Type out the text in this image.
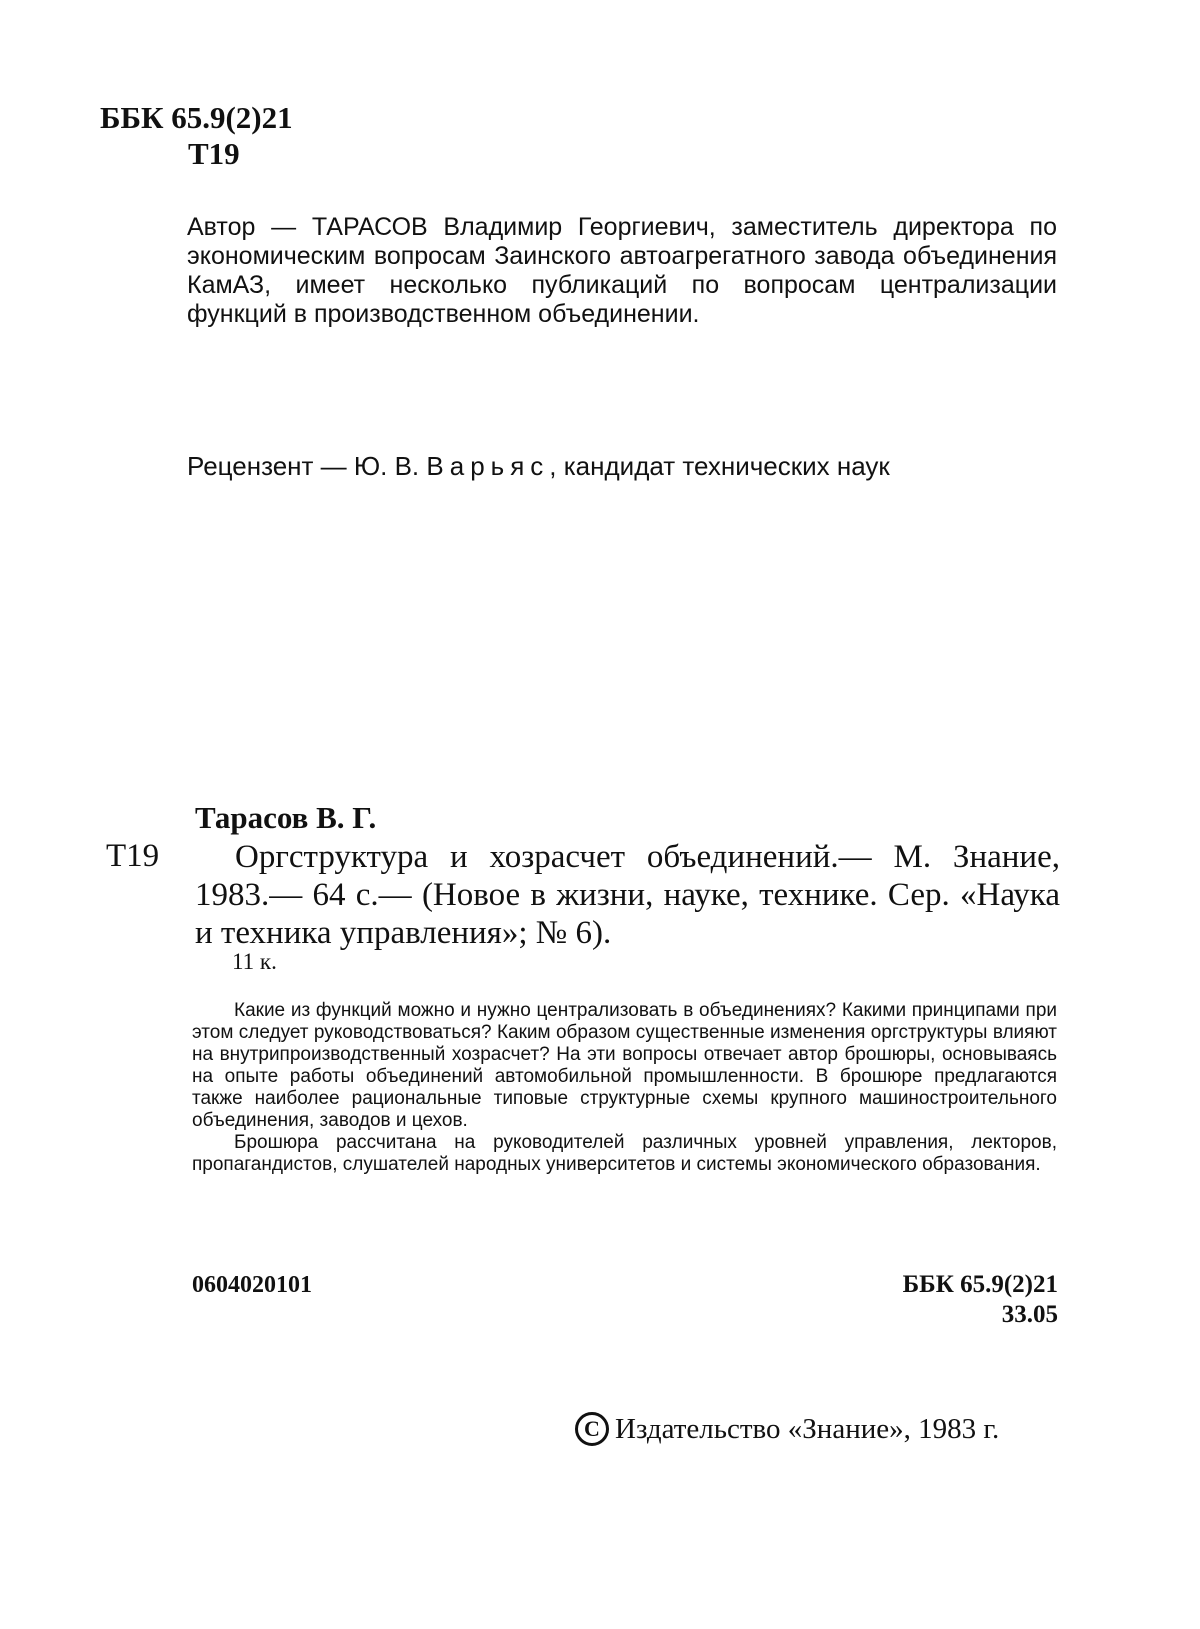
ББК 65.9(2)21
Т19
Автор — ТАРАСОВ Владимир Георгиевич, заместитель директора по экономическим вопросам Заинского автоагрегатного завода объединения КамАЗ, имеет несколько публикаций по вопросам централизации функций в производственном объединении.
Рецензент — Ю. В. Варьяс, кандидат технических наук
Тарасов В. Г.
Т19	Оргструктура и хозрасчет объединений.— М. Знание, 1983.— 64 с.— (Новое в жизни, науке, технике. Сер. «Наука и техника управления»; № 6).
11 к.

Какие из функций можно и нужно централизовать в объединениях? Какими принципами при этом следует руководствоваться? Каким образом существенные изменения оргструктуры влияют на внутрипроизводственный хозрасчет? На эти вопросы отвечает автор брошюры, основываясь на опыте работы объединений автомобильной промышленности. В брошюре предлагаются также наиболее рациональные типовые структурные схемы крупного машиностроительного объединения, заводов и цехов.

Брошюра рассчитана на руководителей различных уровней управления, лекторов, пропагандистов, слушателей народных университетов и системы экономического образования.

0604020101	ББК 65.9(2)21
33.05
С Издательство «Знание», 1983 г.
